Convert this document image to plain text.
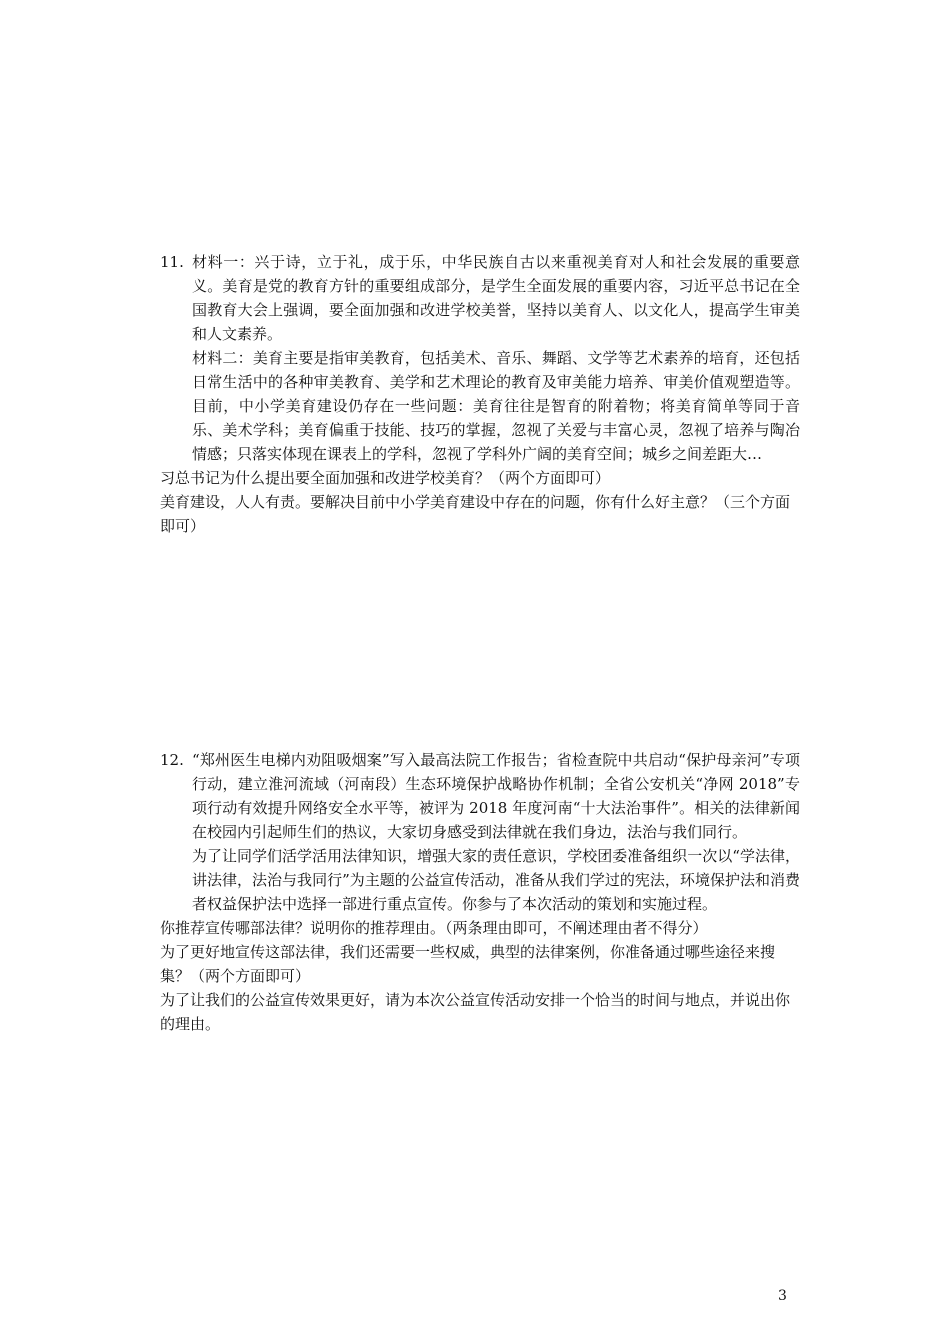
11. 材料一：兴于诗，立于礼，成于乐，中华民族自古以来重视美育对人和社会发展的重要意义。美育是党的教育方针的重要组成部分，是学生全面发展的重要内容，习近平总书记在全国教育大会上强调，要全面加强和改进学校美誉，坚持以美育人、以文化人，提高学生审美和人文素养。

材料二：美育主要是指审美教育，包括美术、音乐、舞蹈、文学等艺术素养的培育，还包括日常生活中的各种审美教育、美学和艺术理论的教育及审美能力培养、审美价值观塑造等。目前，中小学美育建设仍存在一些问题：美育往往是智育的附着物；将美育简单等同于音乐、美术学科；美育偏重于技能、技巧的掌握，忽视了关爱与丰富心灵，忽视了培养与陶冶情感；只落实体现在课表上的学科，忽视了学科外广阔的美育空间；城乡之间差距大…

习总书记为什么提出要全面加强和改进学校美育？（两个方面即可）

美育建设，人人有责。要解决目前中小学美育建设中存在的问题，你有什么好主意？（三个方面即可）

12. “郑州医生电梯内劝阻吸烟案”写入最高法院工作报告；省检查院中共启动“保护母亲河”专项行动，建立淮河流域（河南段）生态环境保护战略协作机制；全省公安机关“净网 2018”专项行动有效提升网络安全水平等，被评为 2018 年度河南“十大法治事件”。相关的法律新闻在校园内引起师生们的热议，大家切身感受到法律就在我们身边，法治与我们同行。

为了让同学们活学活用法律知识，增强大家的责任意识，学校团委准备组织一次以“学法律，讲法律，法治与我同行”为主题的公益宣传活动，准备从我们学过的宪法，环境保护法和消费者权益保护法中选择一部进行重点宣传。你参与了本次活动的策划和实施过程。

你推荐宣传哪部法律？说明你的推荐理由。（两条理由即可，不阐述理由者不得分）

为了更好地宣传这部法律，我们还需要一些权威，典型的法律案例，你准备通过哪些途径来搜集？（两个方面即可）

为了让我们的公益宣传效果更好，请为本次公益宣传活动安排一个恰当的时间与地点，并说出你的理由。

3
